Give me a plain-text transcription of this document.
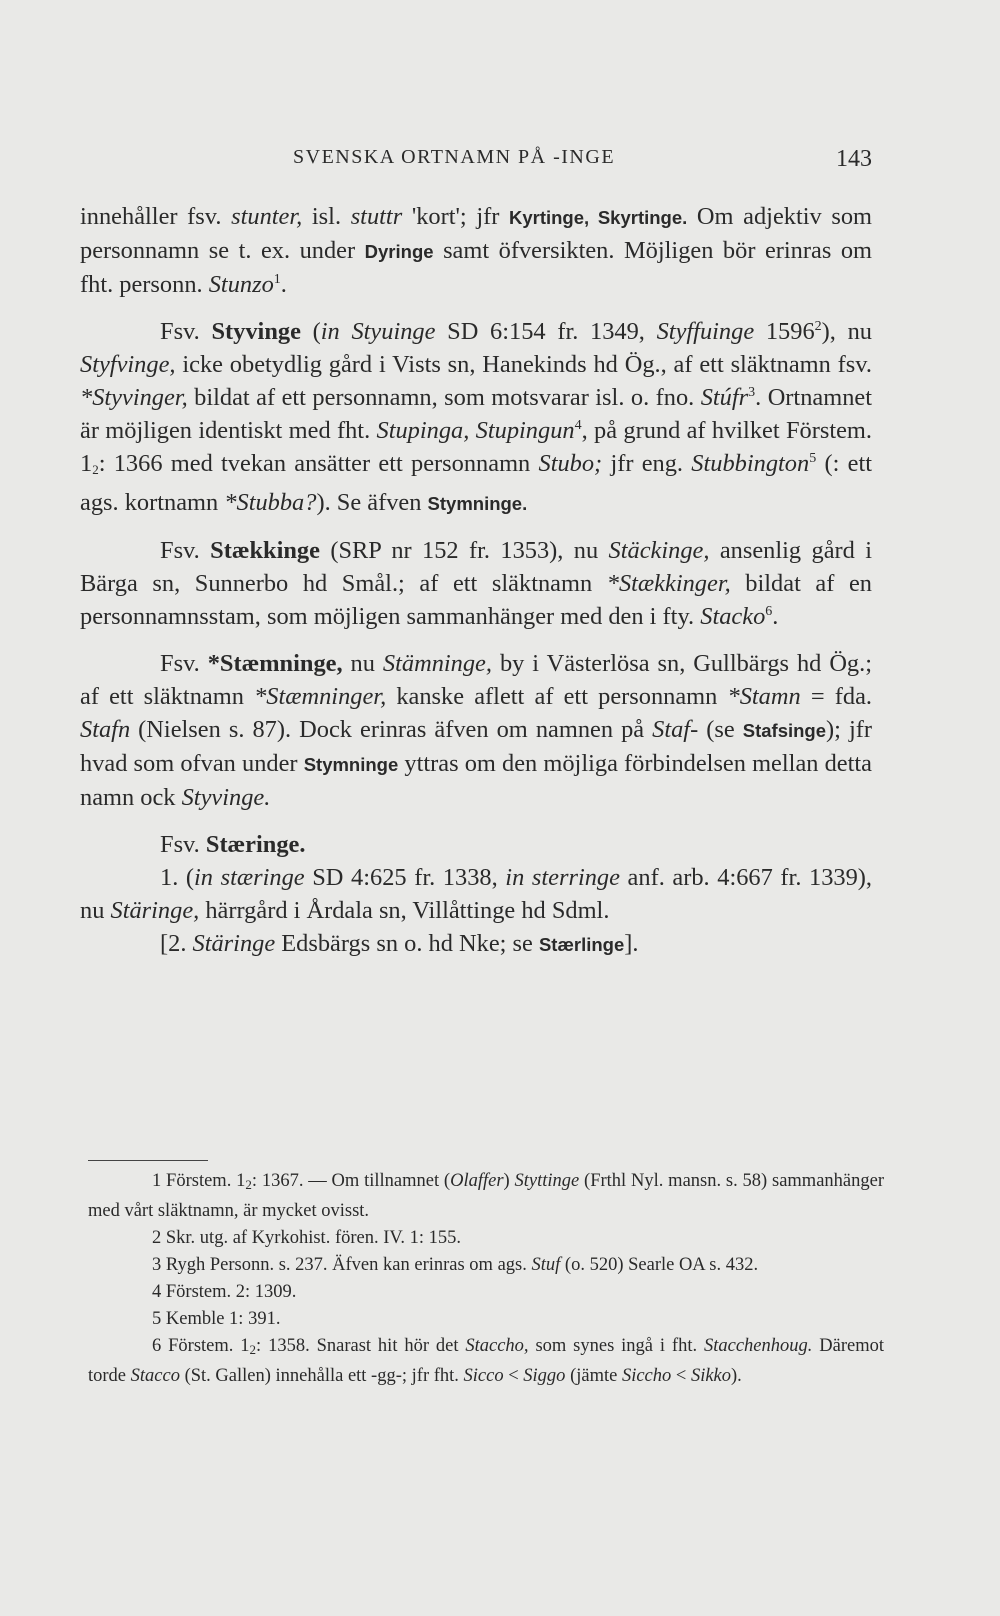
SVENSKA ORTNAMN PÅ -INGE	143

innehåller fsv. stunter, isl. stuttr 'kort'; jfr Kyrtinge, Skyrtinge. Om adjektiv som personnamn se t. ex. under Dyringe samt öfversikten. Möjligen bör erinras om fht. personn. Stunzo$^1$.

Fsv. Styvinge (in Styuinge SD 6:154 fr. 1349, Styffuinge 1596$^2$), nu Styfvinge, icke obetydlig gård i Vists sn, Hanekinds hd Ög., af ett släktnamn fsv. *Styvinger, bildat af ett personnamn, som motsvarar isl. o. fno. Stúfr$^3$. Ortnamnet är möjligen identiskt med fht. Stupinga, Stupingun$^4$, på grund af hvilket Förstem. $1_2$: 1366 med tvekan ansätter ett personnamn Stubo; jfr eng. Stubbington$^5$ (: ett ags. kortnamn *Stubba?). Se äfven Stymninge.

Fsv. Stækkinge (SRP nr 152 fr. 1353), nu Stäckinge, ansenlig gård i Bärga sn, Sunnerbo hd Smål.; af ett släktnamn *Stækkinger, bildat af en personnamnsstam, som möjligen sammanhänger med den i fty. Stacko$^6$.

Fsv. *Stæmninge, nu Stämninge, by i Västerlösa sn, Gullbärgs hd Ög.; af ett släktnamn *Stæmninger, kanske aflett af ett personnamn *Stamn = fda. Stafn (Nielsen s. 87). Dock erinras äfven om namnen på Staf- (se Stafsinge); jfr hvad som ofvan under Stymninge yttras om den möjliga förbindelsen mellan detta namn ock Styvinge.

Fsv. Stæringe.

1. (in stæringe SD 4:625 fr. 1338, in sterringe anf. arb. 4:667 fr. 1339), nu Stäringe, härrgård i Årdala sn, Villåttinge hd Sdml.

[2. Stäringe Edsbärgs sn o. hd Nke; se Stærlinge].

1 Förstem. $1_2$: 1367. — Om tillnamnet (Olaffer) Styttinge (Frthl Nyl. mansn. s. 58) sammanhänger med vårt släktnamn, är mycket ovisst.

2 Skr. utg. af Kyrkohist. fören. IV. 1: 155.

3 Rygh Personn. s. 237. Äfven kan erinras om ags. Stuf (o. 520) Searle OA s. 432.

4 Förstem. 2: 1309.

5 Kemble 1: 391.

6 Förstem. $1_2$: 1358. Snarast hit hör det Staccho, som synes ingå i fht. Stacchenhoug. Däremot torde Stacco (St. Gallen) innehålla ett -gg-; jfr fht. Sicco < Siggo (jämte Siccho < Sikko).
